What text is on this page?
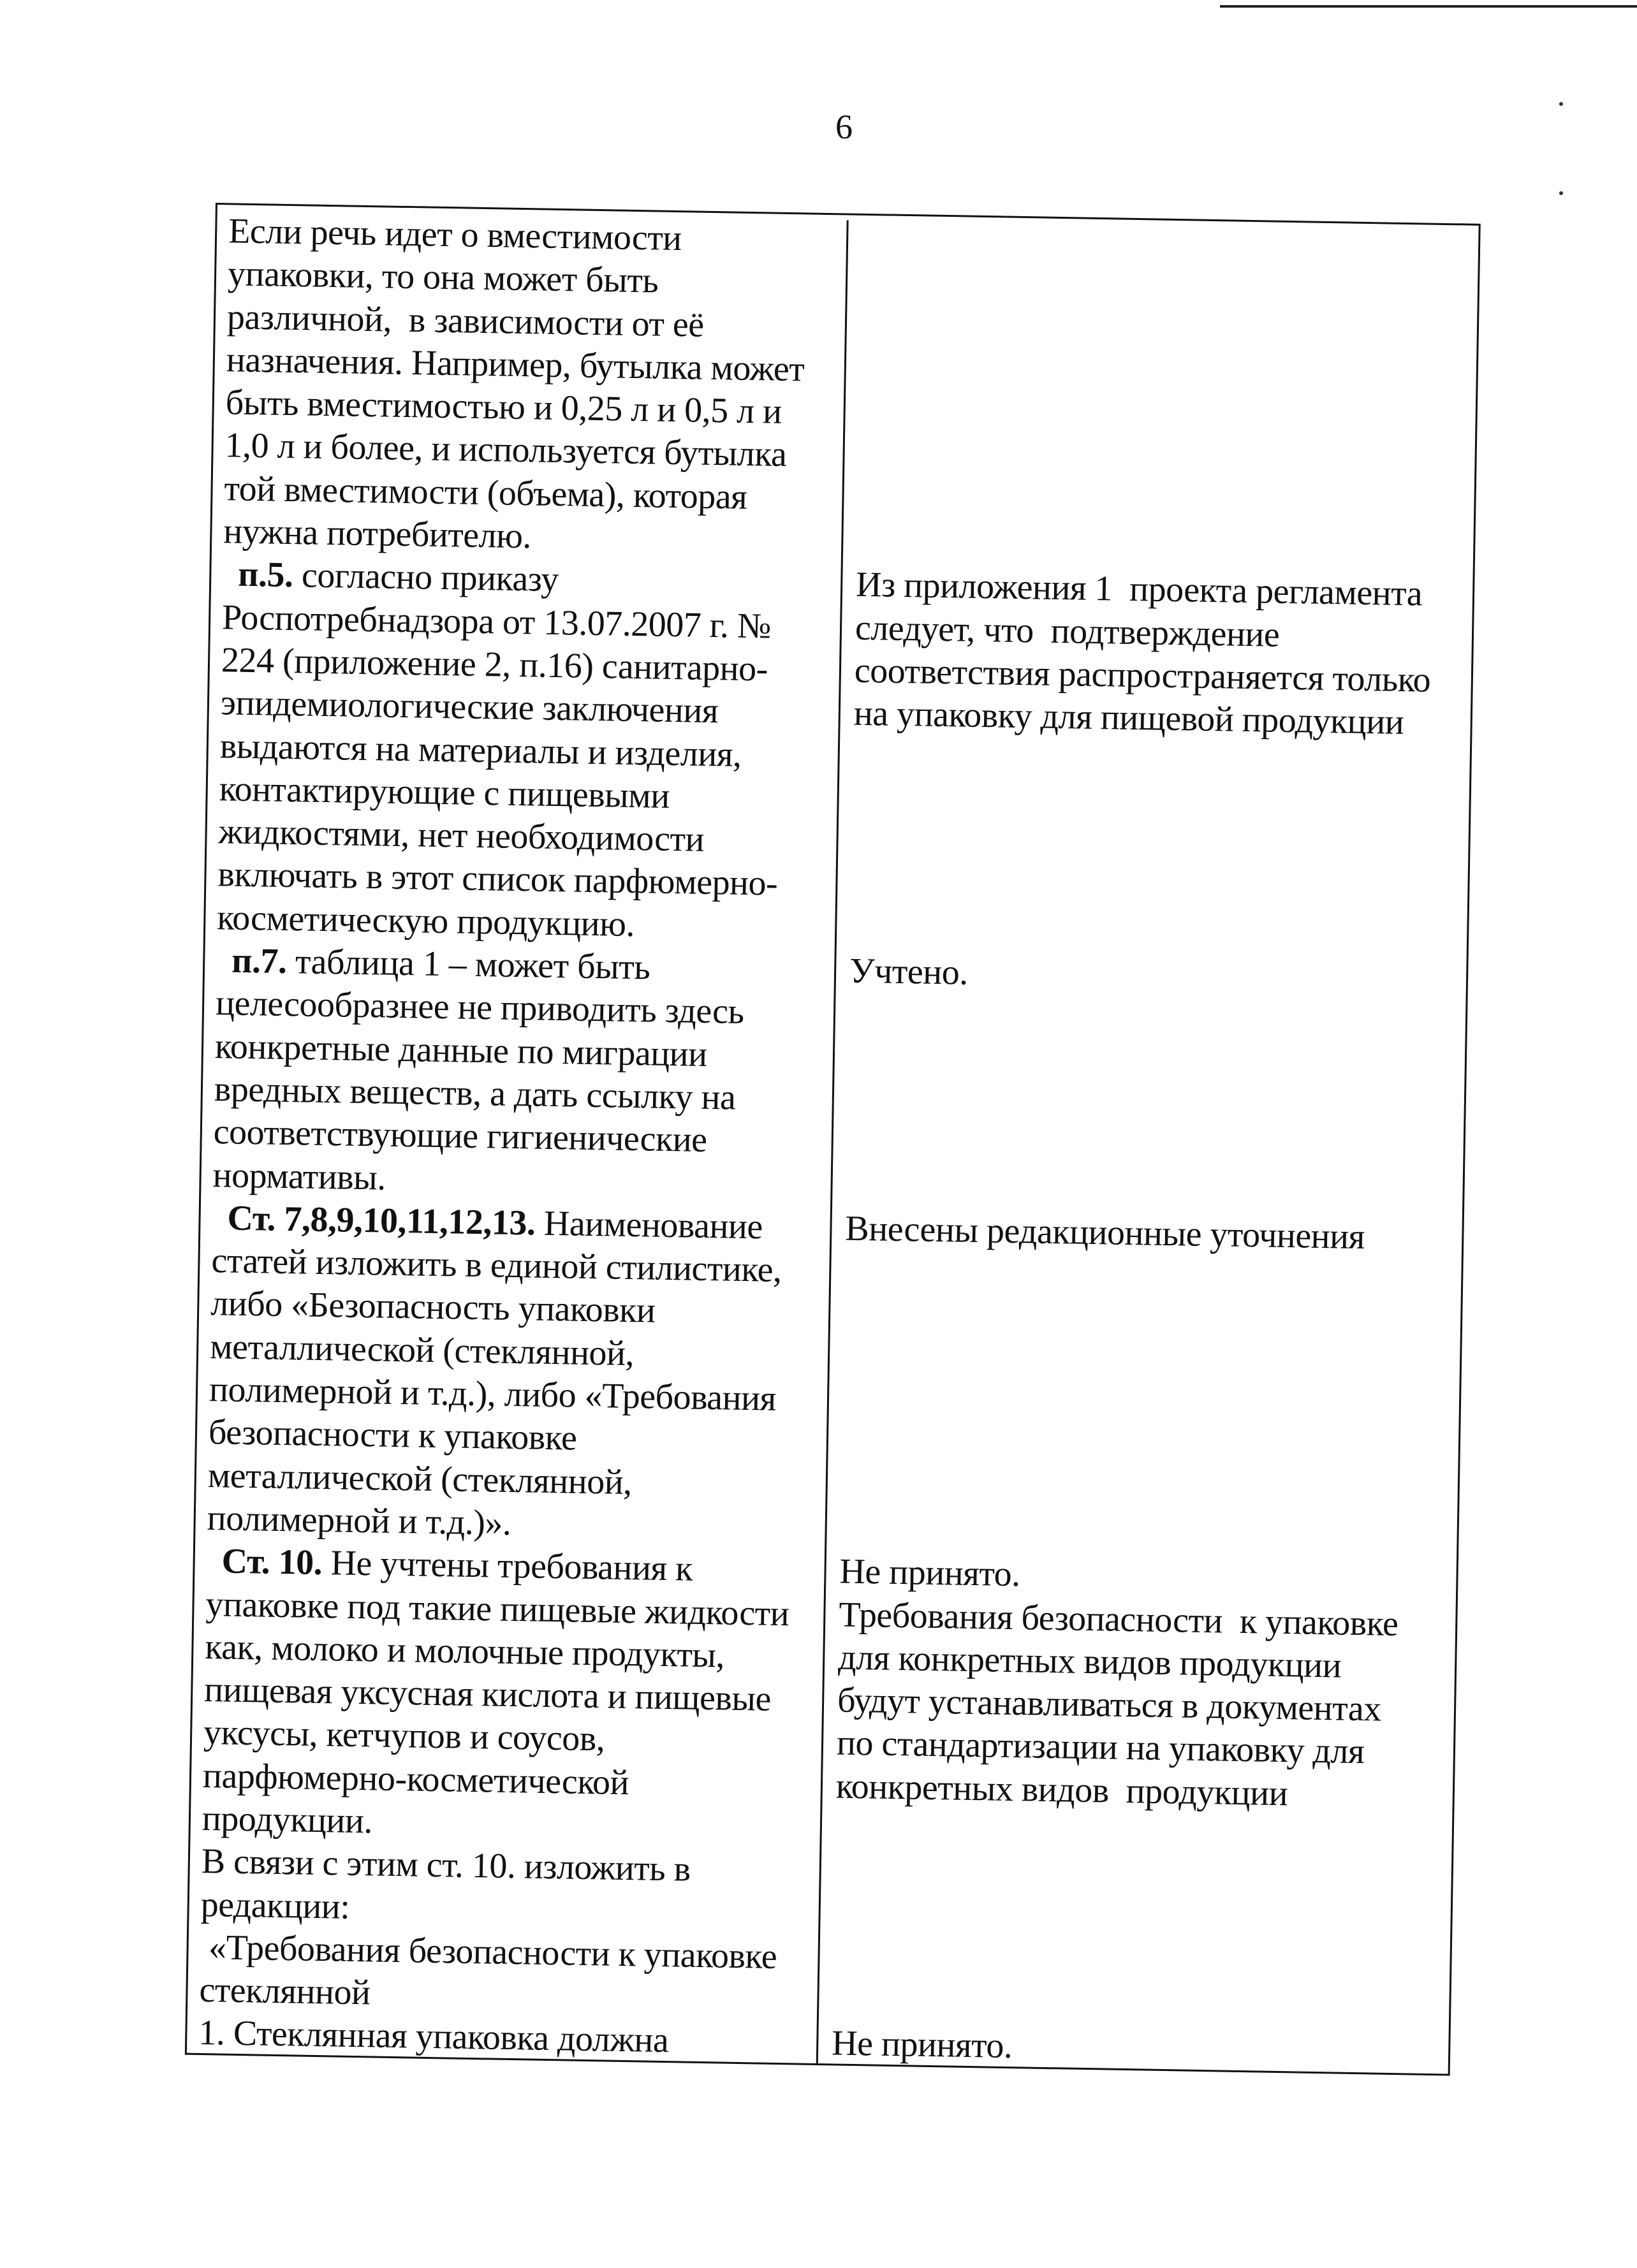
6
Если речь идет о вместимости
упаковки, то она может быть
различной,  в зависимости от её
назначения. Например, бутылка может
быть вместимостью и 0,25 л и 0,5 л и
1,0 л и более, и используется бутылка
той вместимости (объема), которая
нужна потребителю.
п.5. согласно приказу
Роспотребнадзора от 13.07.2007 г. №
224 (приложение 2, п.16) санитарно-
эпидемиологические заключения
выдаются на материалы и изделия,
контактирующие с пищевыми
жидкостями, нет необходимости
включать в этот список парфюмерно-
косметическую продукцию.
п.7. таблица 1 – может быть
целесообразнее не приводить здесь
конкретные данные по миграции
вредных веществ, а дать ссылку на
соответствующие гигиенические
нормативы.
Ст. 7,8,9,10,11,12,13. Наименование
статей изложить в единой стилистике,
либо «Безопасность упаковки
металлической (стеклянной,
полимерной и т.д.), либо «Требования
безопасности к упаковке
металлической (стеклянной,
полимерной и т.д.)».
Ст. 10. Не учтены требования к
упаковке под такие пищевые жидкости
как, молоко и молочные продукты,
пищевая уксусная кислота и пищевые
уксусы, кетчупов и соусов,
парфюмерно-косметической
продукции.
В связи с этим ст. 10. изложить в
редакции:
«Требования безопасности к упаковке
стеклянной
1. Стеклянная упаковка должна
Из приложения 1  проекта регламента
следует, что  подтверждение
соответствия распространяется только
на упаковку для пищевой продукции
Учтено.
Внесены редакционные уточнения
Не принято.
Требования безопасности  к упаковке
для конкретных видов продукции
будут устанавливаться в документах
по стандартизации на упаковку для
конкретных видов  продукции
Не принято.
